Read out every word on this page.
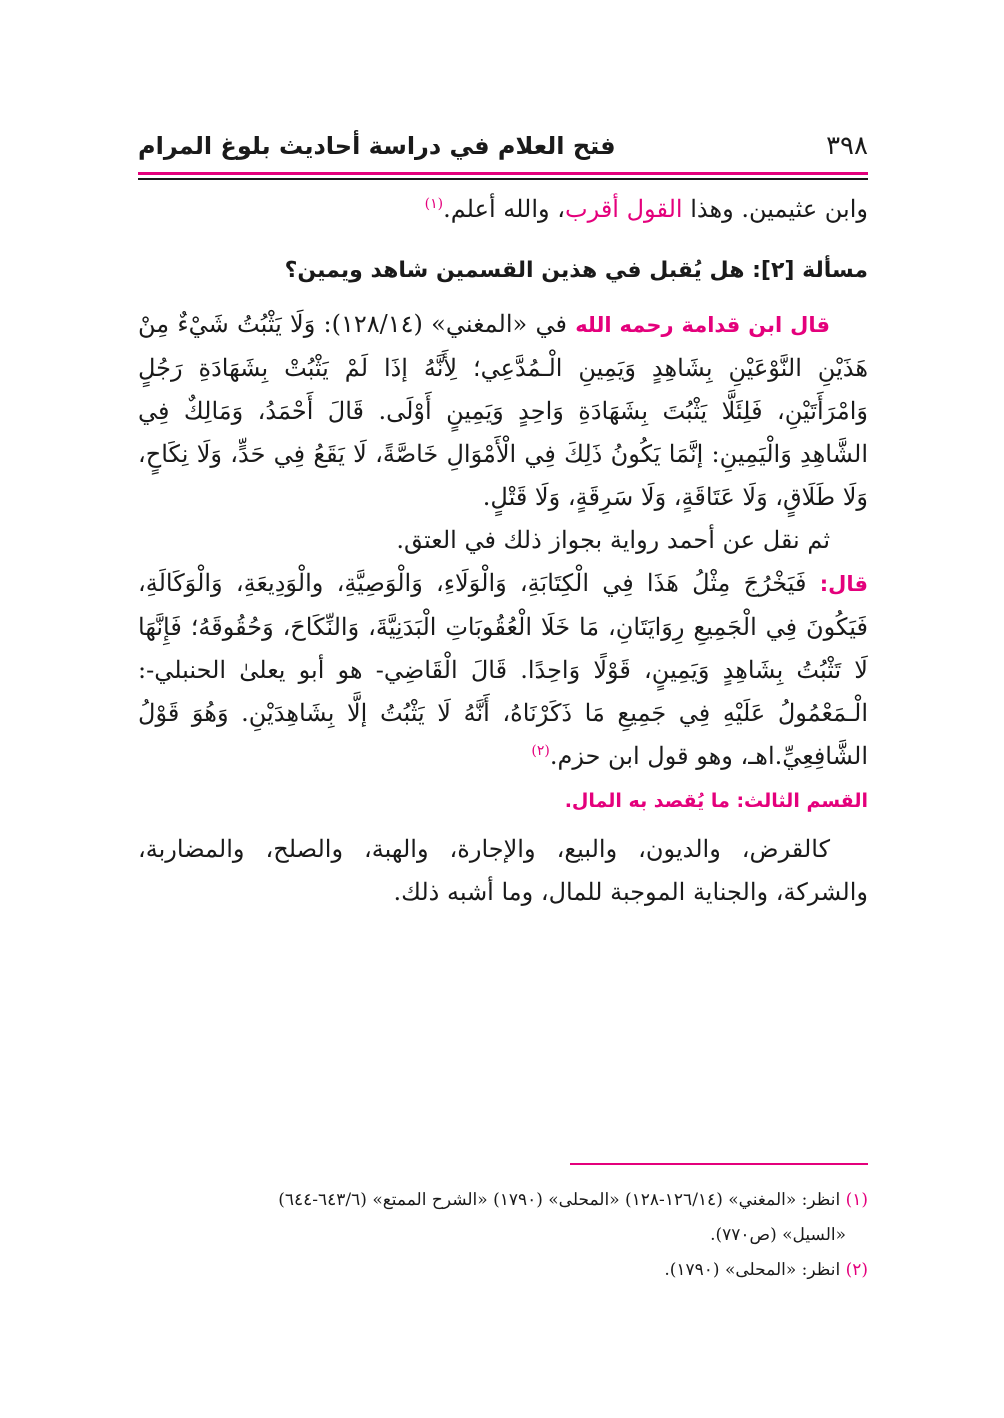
٣٩٨
فتح العلام في دراسة أحاديث بلوغ المرام

وابن عثيمين. وهذا القول أقرب، والله أعلم.$^{(١)}$

مسألة [٢]: هل يُقبل في هذين القسمين شاهد ويمين؟

قال ابن قدامة رحمه الله في «المغني» (١٢٨/١٤): وَلَا يَثْبُتُ شَيْءٌ مِنْ هَذَيْنِ النَّوْعَيْنِ بِشَاهِدٍ وَيَمِينِ الْـمُدَّعِي؛ لِأَنَّهُ إذَا لَمْ يَثْبُتْ بِشَهَادَةِ رَجُلٍ وَامْرَأَتَيْنِ، فَلِئَلَّا يَثْبُتَ بِشَهَادَةِ وَاحِدٍ وَيَمِينٍ أَوْلَى. قَالَ أَحْمَدُ، وَمَالِكٌ فِي الشَّاهِدِ وَالْيَمِينِ: إنَّمَا يَكُونُ ذَلِكَ فِي الْأَمْوَالِ خَاصَّةً، لَا يَقَعُ فِي حَدٍّ، وَلَا نِكَاحٍ، وَلَا طَلَاقٍ، وَلَا عَتَاقَةٍ، وَلَا سَرِقَةٍ، وَلَا قَتْلٍ.

ثم نقل عن أحمد رواية بجواز ذلك في العتق.

قال: فَيَخْرُجَ مِثْلُ هَذَا فِي الْكِتَابَةِ، وَالْوَلَاءِ، وَالْوَصِيَّةِ، والْوَدِيعَةِ، وَالْوَكَالَةِ، فَيَكُونَ فِي الْجَمِيعِ رِوَايَتَانِ، مَا خَلَا الْعُقُوبَاتِ الْبَدَنِيَّةَ، وَالنِّكَاحَ، وَحُقُوقَهُ؛ فَإِنَّهَا لَا تَثْبُتُ بِشَاهِدٍ وَيَمِينٍ، قَوْلًا وَاحِدًا. قَالَ الْقَاضِي- هو أبو يعلىٰ الحنبلي-: الْـمَعْمُولُ عَلَيْهِ فِي جَمِيعِ مَا ذَكَرْنَاهُ، أَنَّهُ لَا يَثْبُتُ إلَّا بِشَاهِدَيْنِ. وَهُوَ قَوْلُ الشَّافِعِيِّ.اهـ، وهو قول ابن حزم.$^{(٢)}$

القسم الثالث: ما يُقصد به المال.

كالقرض، والديون، والبيع، والإجارة، والهبة، والصلح، والمضاربة، والشركة، والجناية الموجبة للمال، وما أشبه ذلك.

(١) انظر: «المغني» (١٢٦/١٤-١٢٨) «المحلى» (١٧٩٠) «الشرح الممتع» (٦٤٣/٦-٦٤٤)

«السيل» (ص٧٧٠).

(٢) انظر: «المحلى» (١٧٩٠).
